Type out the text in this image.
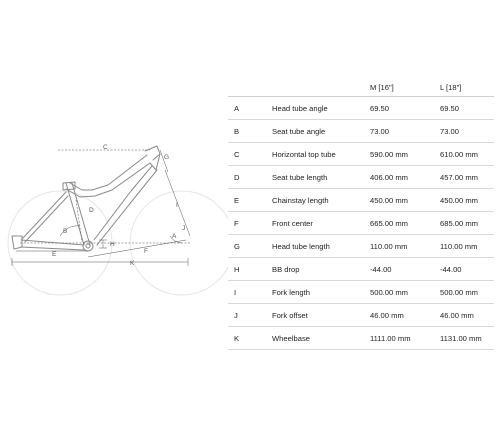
C
G
D
I
B	J
A
H
E	F
K
M [16"]	L [18"]
A	Head tube angle	69.50	69.50
B	Seat tube angle	73.00	73.00
C	Horizontal top tube	590.00 mm	610.00 mm
D	Seat tube length	406.00 mm	457.00 mm
E	Chainstay length	450.00 mm	450.00 mm
F	Front center	665.00 mm	685.00 mm
G	Head tube length	110.00 mm	110.00 mm
H	BB drop	-44.00	-44.00
I	Fork length	500.00 mm	500.00 mm
J	Fork offset	46.00 mm	46.00 mm
K	Wheelbase	1111.00 mm	1131.00 mm
